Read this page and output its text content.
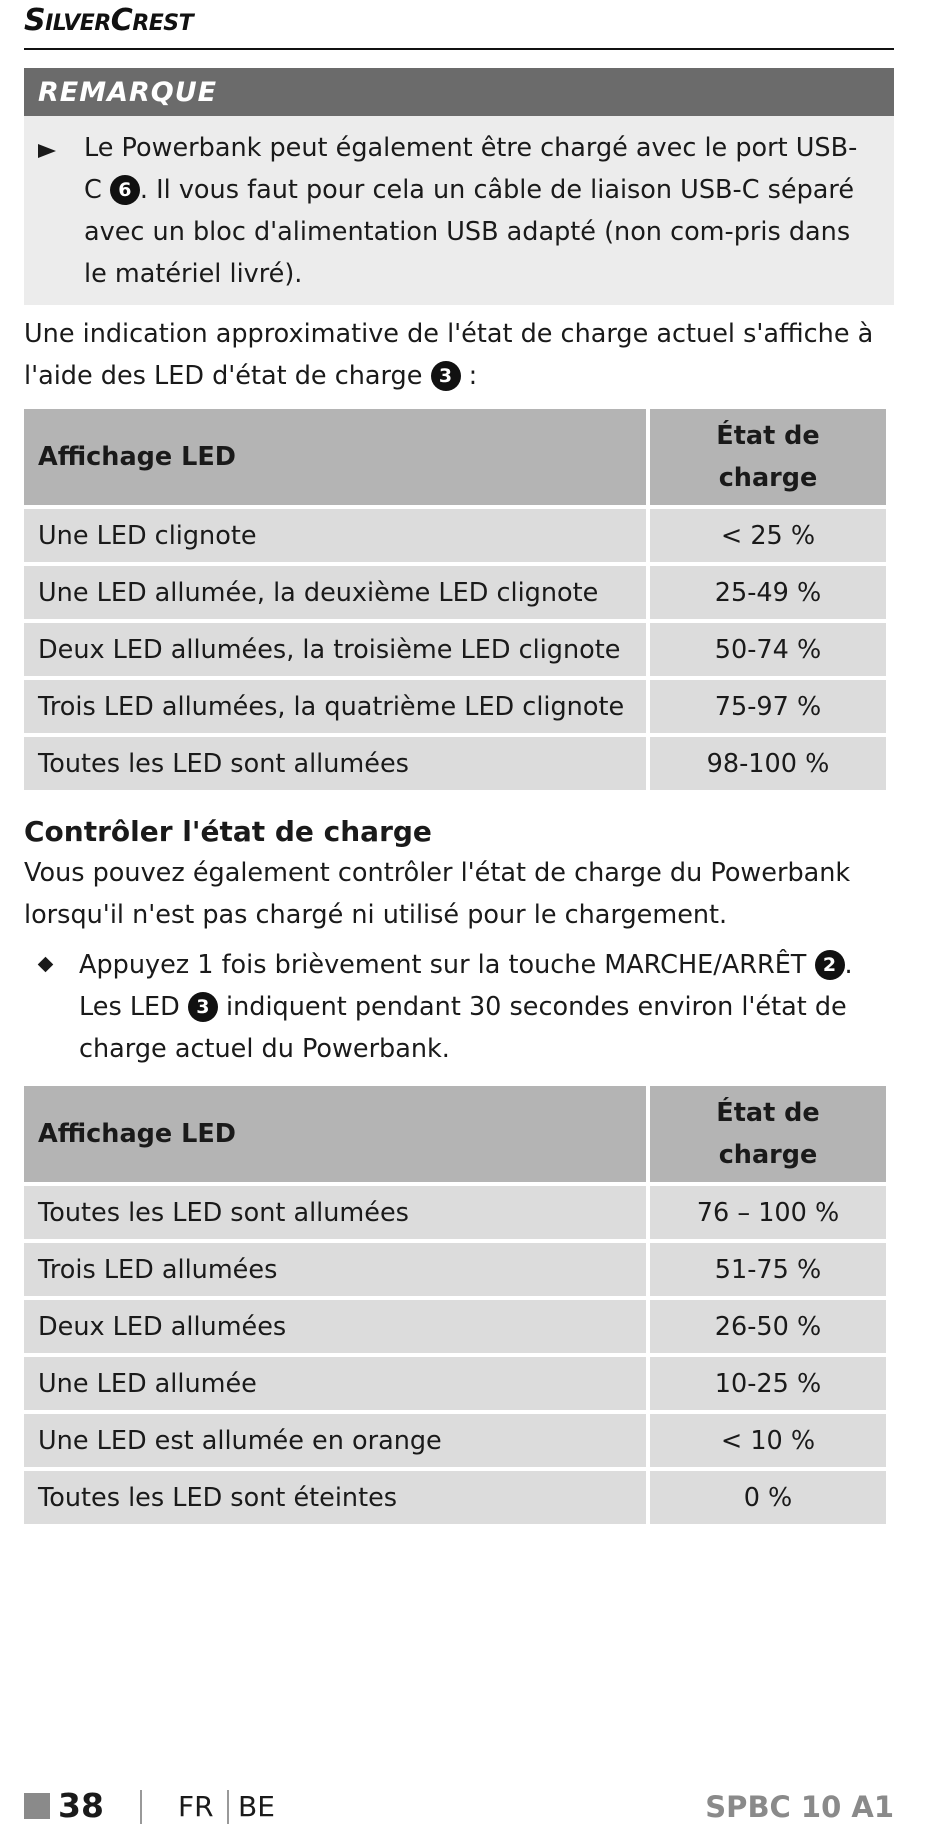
SILVERCREST
REMARQUE
Le Powerbank peut également être chargé avec le port USB-C 6 . Il vous faut pour cela un câble de liaison USB-C séparé avec un bloc d'alimentation USB adapté (non com-pris dans le matériel livré).
Une indication approximative de l'état de charge actuel s'affiche à l'aide des LED d'état de charge 3 :
Affichage LED	État de
charge
Une LED clignote	< 25 %
Une LED allumée, la deuxième LED clignote	25-49 %
Deux LED allumées, la troisième LED clignote	50-74 %
Trois LED allumées, la quatrième LED clignote	75-97 %
Toutes les LED sont allumées	98-100 %
Contrôler l'état de charge
Vous pouvez également contrôler l'état de charge du Powerbank lorsqu'il n'est pas chargé ni utilisé pour le chargement.
Appuyez 1 fois brièvement sur la touche MARCHE/ARRÊT 2 . Les LED 3 indiquent pendant 30 secondes environ l'état de charge actuel du Powerbank.
Affichage LED	État de
charge
Toutes les LED sont allumées	76 – 100 %
Trois LED allumées	51-75 %
Deux LED allumées	26-50 %
Une LED allumée	10-25 %
Une LED est allumée en orange	< 10 %
Toutes les LED sont éteintes	0 %
38	FR BE	SPBC 10 A1
